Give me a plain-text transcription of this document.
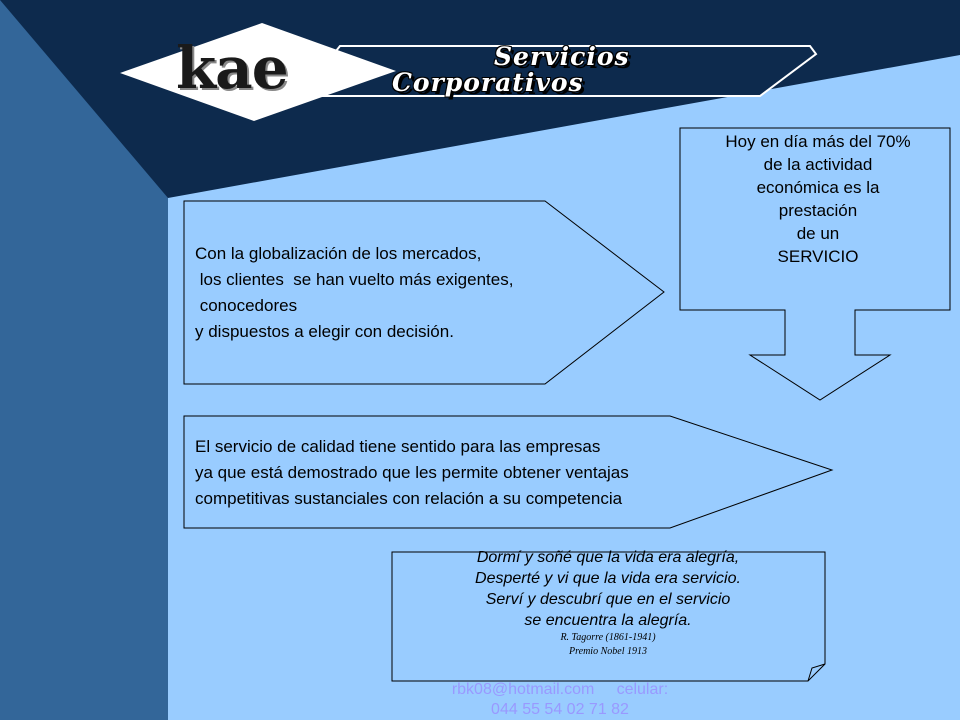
kae	Servicios
Corporativos
Con la globalización de los mercados,
los clientes  se han vuelto más exigentes,
conocedores
y dispuestos a elegir con decisión.
El servicio de calidad tiene sentido para las empresas
ya que está demostrado que les permite obtener ventajas
competitivas sustanciales con relación a su competencia
Hoy en día más del 70%
de la actividad
económica es la
prestación
de un
SERVICIO
Dormí y soñé que la vida era alegría,
Desperté y vi que la vida era servicio.
Serví y descubrí que en el servicio
se encuentra la alegría.
R. Tagorre (1861-1941)
Premio Nobel 1913
rbk08@hotmail.com     celular:
044 55 54 02 71 82
